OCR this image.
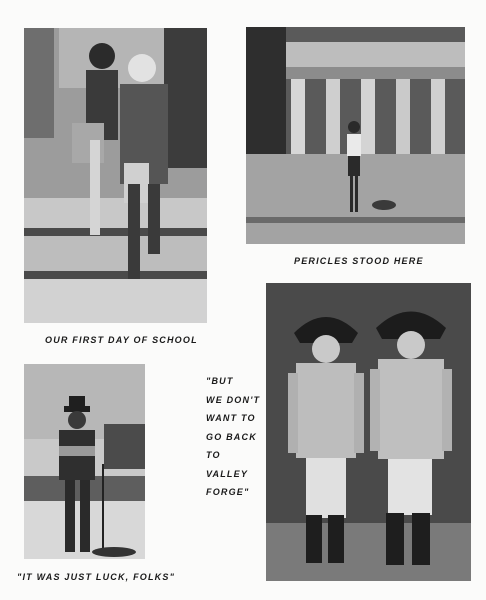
PERICLES STOOD HERE
OUR FIRST DAY OF SCHOOL
"BUT
WE DON'T
WANT TO
GO BACK
TO
VALLEY
FORGE"
"IT WAS JUST LUCK, FOLKS"
